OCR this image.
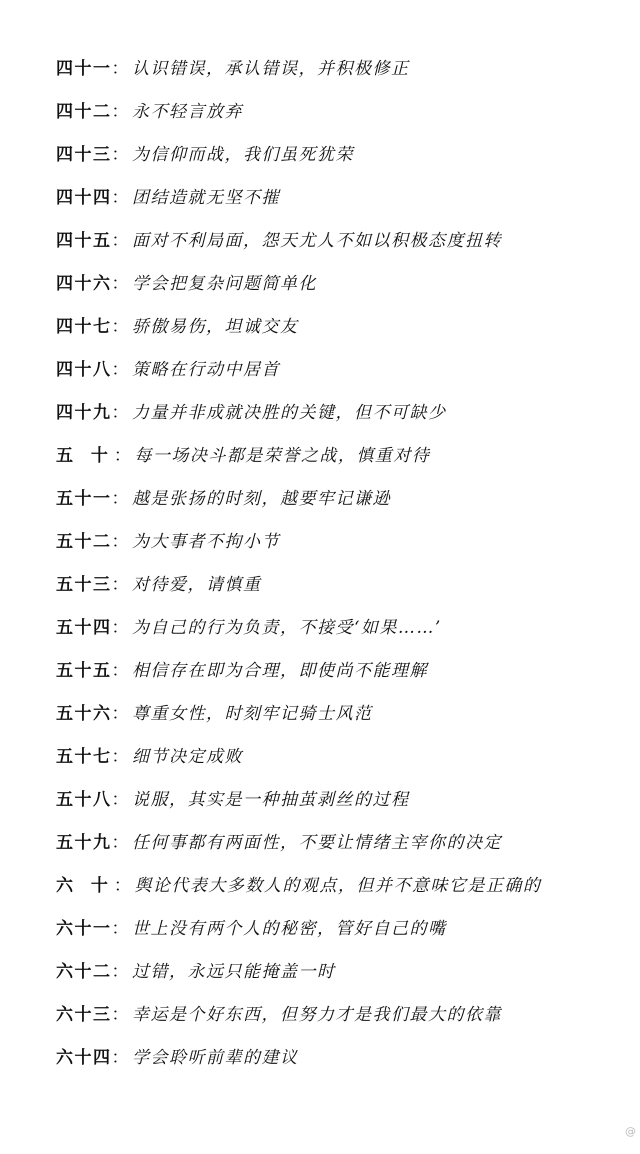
四十一 ： 认识错误，承认错误，并积极修正
四十二 ： 永不轻言放弃
四十三 ： 为信仰而战，我们虽死犹荣
四十四 ： 团结造就无坚不摧
四十五 ： 面对不利局面，怨天尤人不如以积极态度扭转
四十六 ： 学会把复杂问题简单化
四十七 ： 骄傲易伤，坦诚交友
四十八 ： 策略在行动中居首
四十九 ： 力量并非成就决胜的关键，但不可缺少
五 十 ： 每一场决斗都是荣誉之战，慎重对待
五十一 ： 越是张扬的时刻，越要牢记谦逊
五十二 ： 为大事者不拘小节
五十三 ： 对待爱，请慎重
五十四 ： 为自己的行为负责，不接受‘如果……’
五十五 ： 相信存在即为合理，即使尚不能理解
五十六 ： 尊重女性，时刻牢记骑士风范
五十七 ： 细节决定成败
五十八 ： 说服，其实是一种抽茧剥丝的过程
五十九 ： 任何事都有两面性，不要让情绪主宰你的决定
六 十 ： 舆论代表大多数人的观点，但并不意味它是正确的
六十一 ： 世上没有两个人的秘密，管好自己的嘴
六十二 ： 过错，永远只能掩盖一时
六十三 ： 幸运是个好东西，但努力才是我们最大的依靠
六十四 ： 学会聆听前辈的建议
@
